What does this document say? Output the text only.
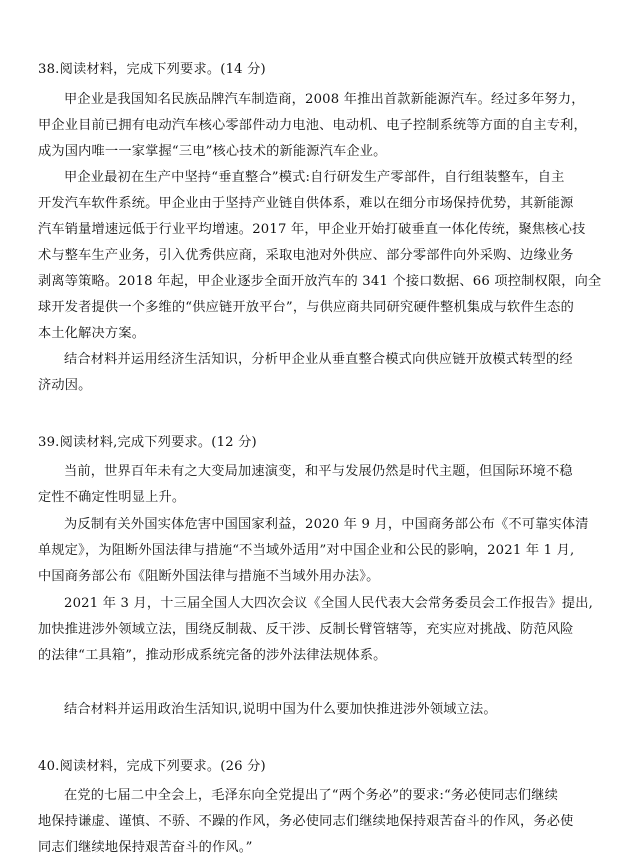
38.阅读材料，完成下列要求。(14 分)
甲企业是我国知名民族品牌汽车制造商，2008 年推出首款新能源汽车。经过多年努力，
甲企业目前已拥有电动汽车核心零部件动力电池、电动机、电子控制系统等方面的自主专利，
成为国内唯一一家掌握“三电”核心技术的新能源汽车企业。
甲企业最初在生产中坚持“垂直整合”模式:自行研发生产零部件，自行组装整车，自主
开发汽车软件系统。甲企业由于坚持产业链自供体系，难以在细分市场保持优势，其新能源
汽车销量增速远低于行业平均增速。2017 年，甲企业开始打破垂直一体化传统，聚焦核心技
术与整车生产业务，引入优秀供应商，采取电池对外供应、部分零部件向外采购、边缘业务
剥离等策略。2018 年起，甲企业逐步全面开放汽车的 341 个接口数据、66 项控制权限，向全
球开发者提供一个多维的“供应链开放平台”，与供应商共同研究硬件整机集成与软件生态的
本土化解决方案。
结合材料并运用经济生活知识，分析甲企业从垂直整合模式向供应链开放模式转型的经
济动因。
39.阅读材料,完成下列要求。(12 分)
当前，世界百年未有之大变局加速演变，和平与发展仍然是时代主题，但国际环境不稳
定性不确定性明显上升。
为反制有关外国实体危害中国国家利益，2020 年 9 月，中国商务部公布《不可靠实体清
单规定》，为阻断外国法律与措施“不当域外适用”对中国企业和公民的影响，2021 年 1 月,
中国商务部公布《阻断外国法律与措施不当域外用办法》。
2021 年 3 月，十三届全国人大四次会议《全国人民代表大会常务委员会工作报告》提出,
加快推进涉外领域立法，围绕反制裁、反干涉、反制长臂管辖等，充实应对挑战、防范风险
的法律“工具箱”，推动形成系统完备的涉外法律法规体系。
结合材料并运用政治生活知识,说明中国为什么要加快推进涉外领域立法。
40.阅读材料，完成下列要求。(26 分)
在党的七届二中全会上，毛泽东向全党提出了“两个务必”的要求:“务必使同志们继续
地保持谦虚、谨慎、不骄、不躁的作风，务必使同志们继续地保持艰苦奋斗的作风，务必使
同志们继续地保持艰苦奋斗的作风。”
